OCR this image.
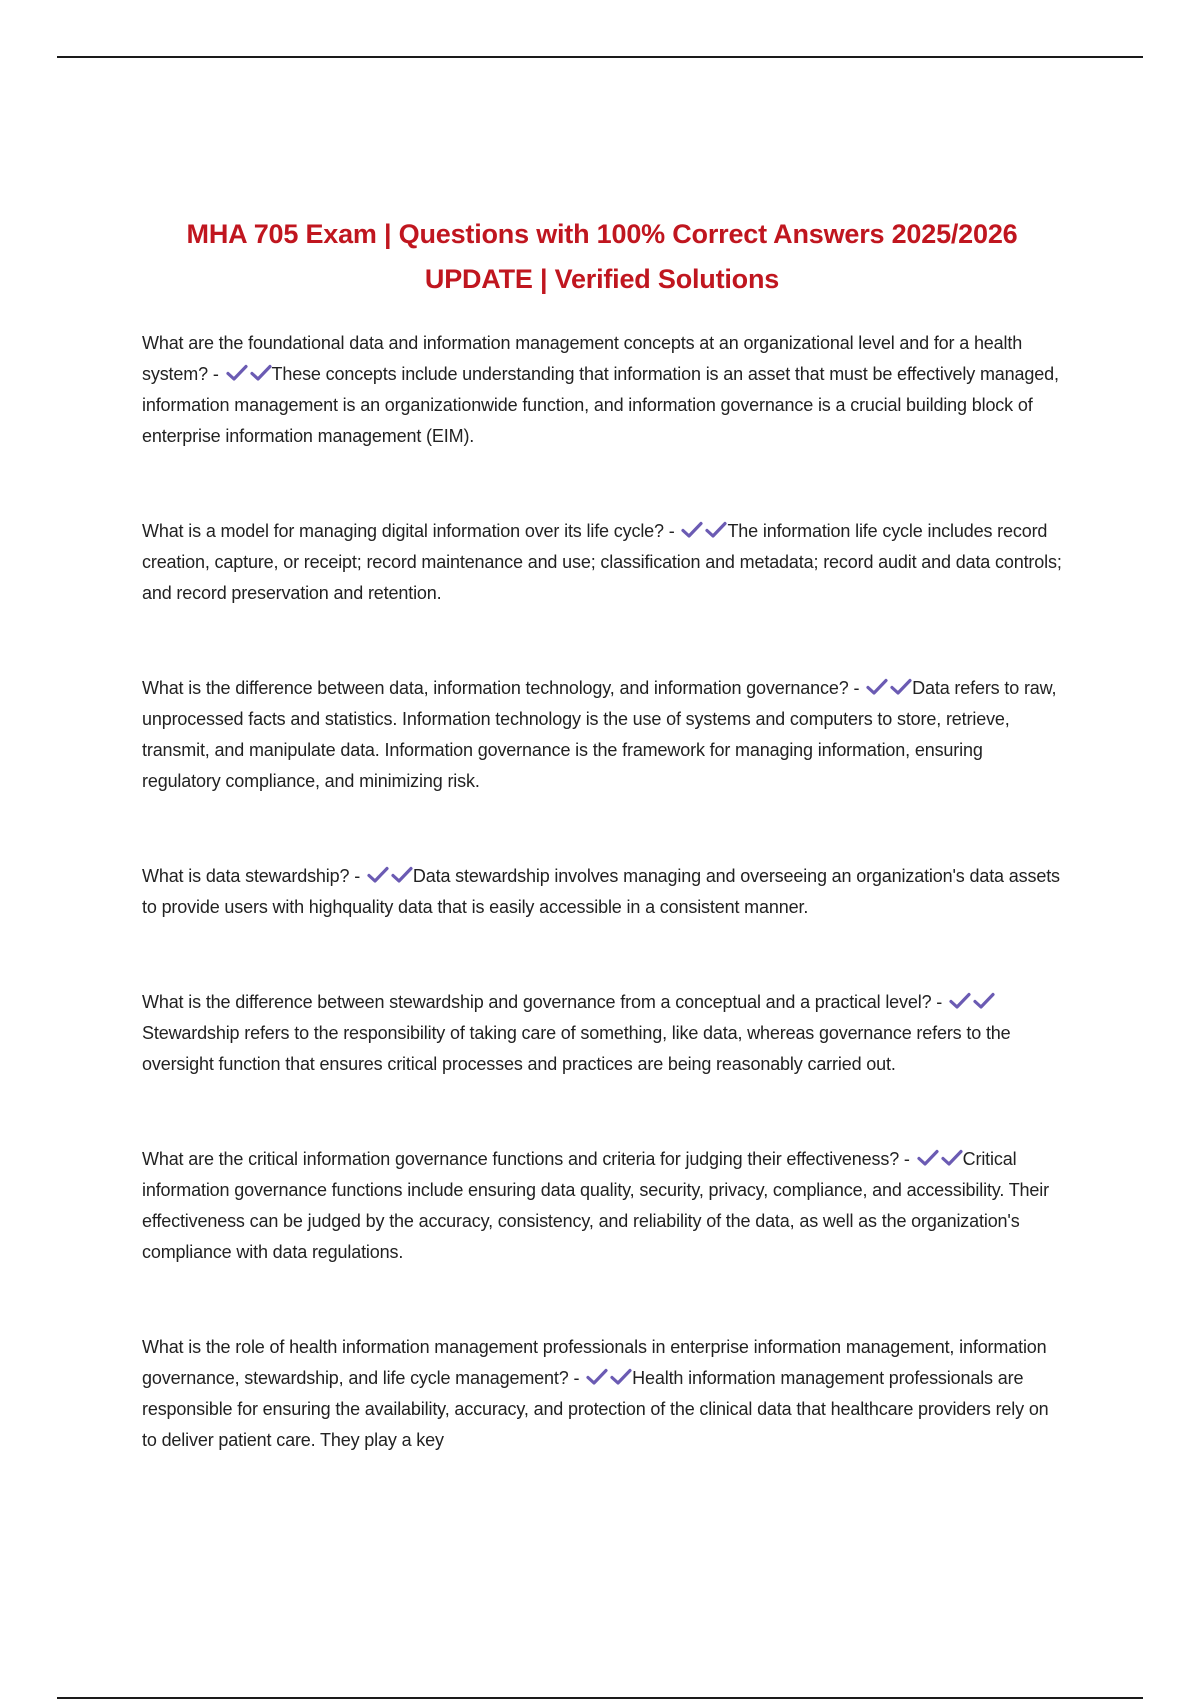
MHA 705 Exam | Questions with 100% Correct Answers 2025/2026 UPDATE | Verified Solutions

What are the foundational data and information management concepts at an organizational level and for a health system? -	These concepts include understanding that information is an asset that must be effectively managed, information management is an organizationwide function, and information governance is a crucial building block of enterprise information management (EIM).

What is a model for managing digital information over its life cycle? -	The information life cycle includes record creation, capture, or receipt; record maintenance and use; classification and metadata; record audit and data controls; and record preservation and retention.

What is the difference between data, information technology, and information governance? -	Data refers to raw, unprocessed facts and statistics. Information technology is the use of systems and computers to store, retrieve, transmit, and manipulate data. Information governance is the framework for managing information, ensuring regulatory compliance, and minimizing risk.

What is data stewardship? -	Data stewardship involves managing and overseeing an organization's data assets to provide users with highquality data that is easily accessible in a consistent manner.

What is the difference between stewardship and governance from a conceptual and a practical level? -
Stewardship refers to the responsibility of taking care of something, like data, whereas governance refers to the oversight function that ensures critical processes and practices are being reasonably carried out.

What are the critical information governance functions and criteria for judging their effectiveness? -	Critical information governance functions include ensuring data quality, security, privacy, compliance, and accessibility. Their effectiveness can be judged by the accuracy, consistency, and reliability of the data, as well as the organization's compliance with data regulations.

What is the role of health information management professionals in enterprise information management, information governance, stewardship, and life cycle management? -	Health information management professionals are responsible for ensuring the availability, accuracy, and protection of the clinical data that healthcare providers rely on to deliver patient care. They play a key
